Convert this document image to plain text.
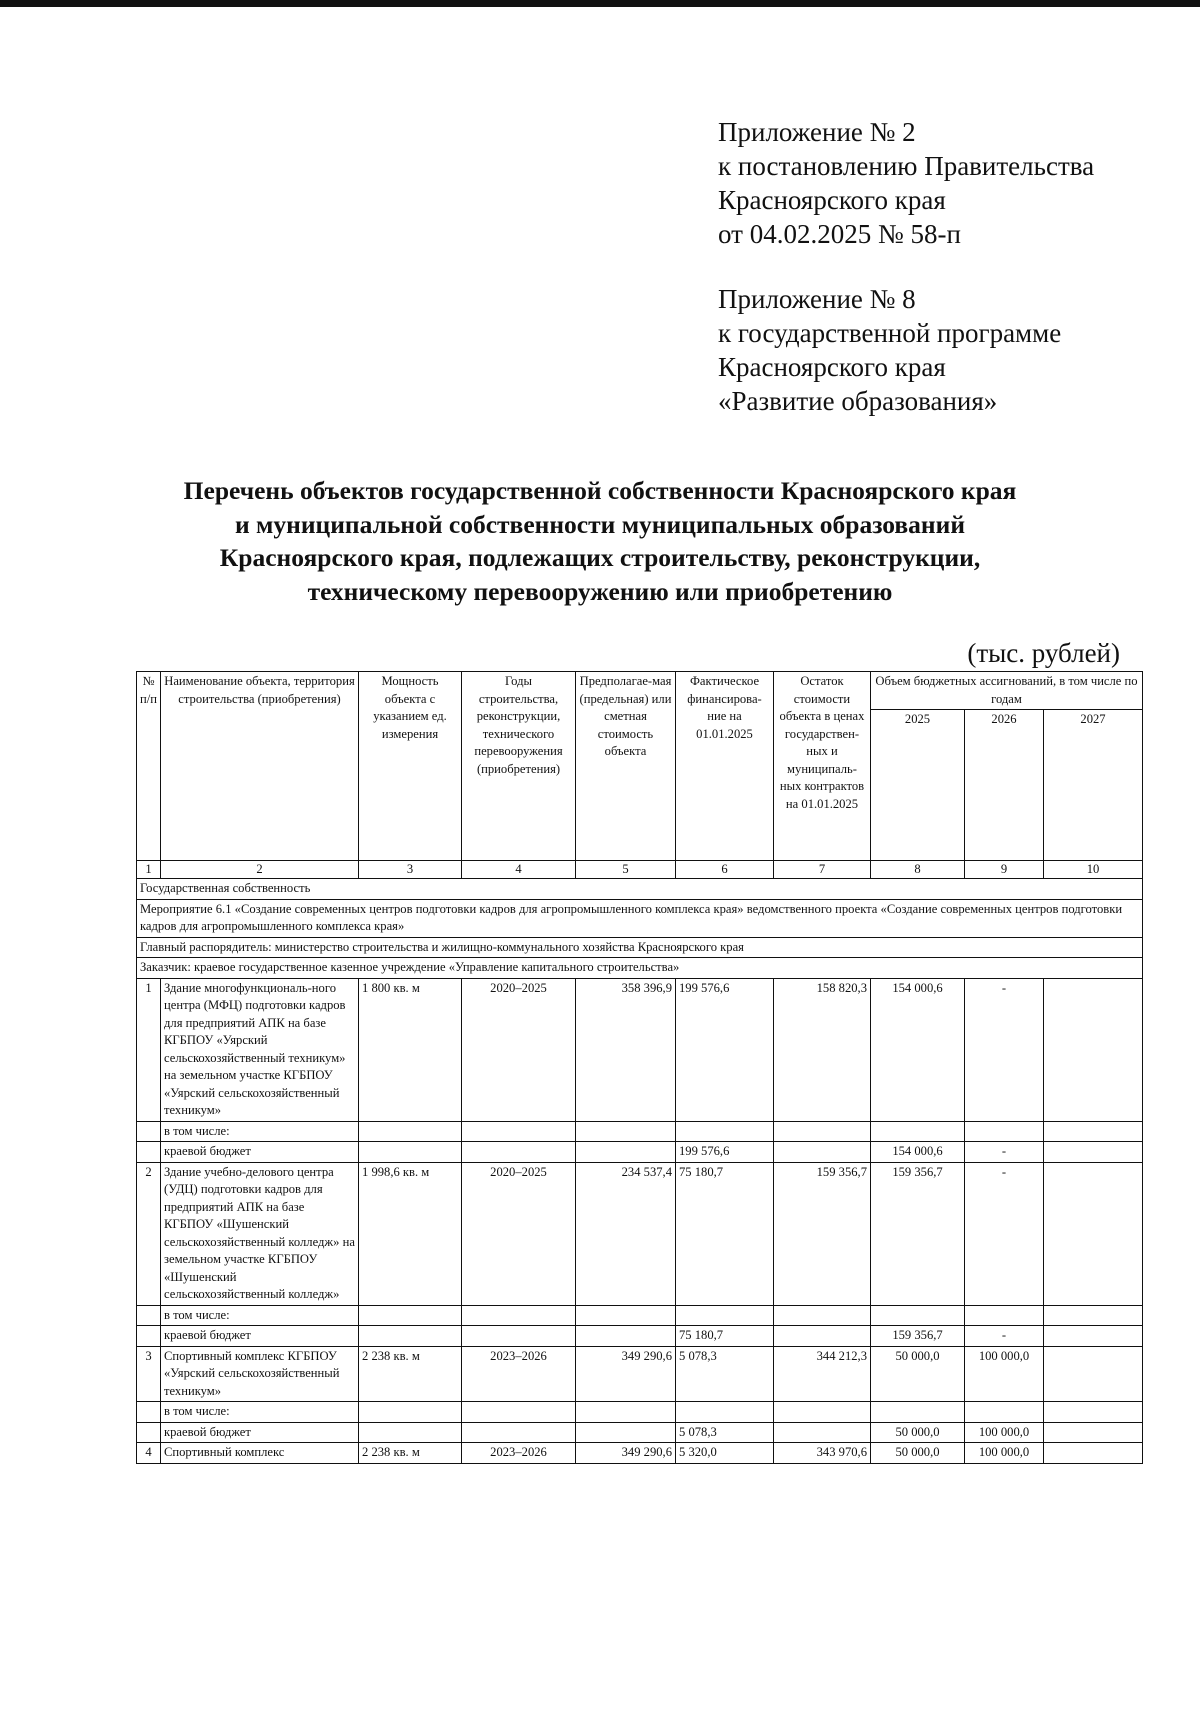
Приложение № 2
к постановлению Правительства
Красноярского края
от 04.02.2025 № 58-п
Приложение № 8
к государственной программе
Красноярского края
«Развитие образования»
Перечень объектов государственной собственности Красноярского края
и муниципальной собственности муниципальных образований
Красноярского края, подлежащих строительству, реконструкции,
техническому перевооружению или приобретению
(тыс. рублей)
№ п/п	Наименование объекта, территория строительства (приобретения)	Мощность объекта с указанием ед. измерения	Годы строительства, реконструкции, технического перевооружения (приобретения)	Предполагае-мая (предельная) или сметная стоимость объекта	Фактическое финансирова-ние на 01.01.2025	Остаток стоимости объекта в ценах государствен-ных и муниципаль-ных контрактов на 01.01.2025	Объем бюджетных ассигнований, в том числе по годам		
							2025	2026	2027
1	2	3	4	5	6	7	8	9	10
Государственная собственность									
Мероприятие 6.1 «Создание современных центров подготовки кадров для агропромышленного комплекса края» ведомственного проекта «Создание современных центров подготовки кадров для агропромышленного комплекса края»									
Главный распорядитель: министерство строительства и жилищно-коммунального хозяйства Красноярского края									
Заказчик: краевое государственное казенное учреждение «Управление капитального строительства»									
1	Здание многофункциональ-ного центра (МФЦ) подготовки кадров для предприятий АПК на базе КГБПОУ «Уярский сельскохозяйственный техникум» на земельном участке КГБПОУ «Уярский сельскохозяйственный техникум»	1 800 кв. м	2020–2025	358 396,9	199 576,6	158 820,3	154 000,6	-	
	в том числе:								
	краевой бюджет				199 576,6		154 000,6	-	
2	Здание учебно-делового центра (УДЦ) подготовки кадров для предприятий АПК на базе КГБПОУ «Шушенский сельскохозяйственный колледж» на земельном участке КГБПОУ «Шушенский сельскохозяйственный колледж»	1 998,6 кв. м	2020–2025	234 537,4	75 180,7	159 356,7	159 356,7	-	
	в том числе:								
	краевой бюджет				75 180,7		159 356,7	-	
3	Спортивный комплекс КГБПОУ «Уярский сельскохозяйственный техникум»	2 238 кв. м	2023–2026	349 290,6	5 078,3	344 212,3	50 000,0	100 000,0	
	в том числе:								
	краевой бюджет				5 078,3		50 000,0	100 000,0	
4	Спортивный комплекс	2 238 кв. м	2023–2026	349 290,6	5 320,0	343 970,6	50 000,0	100 000,0	
